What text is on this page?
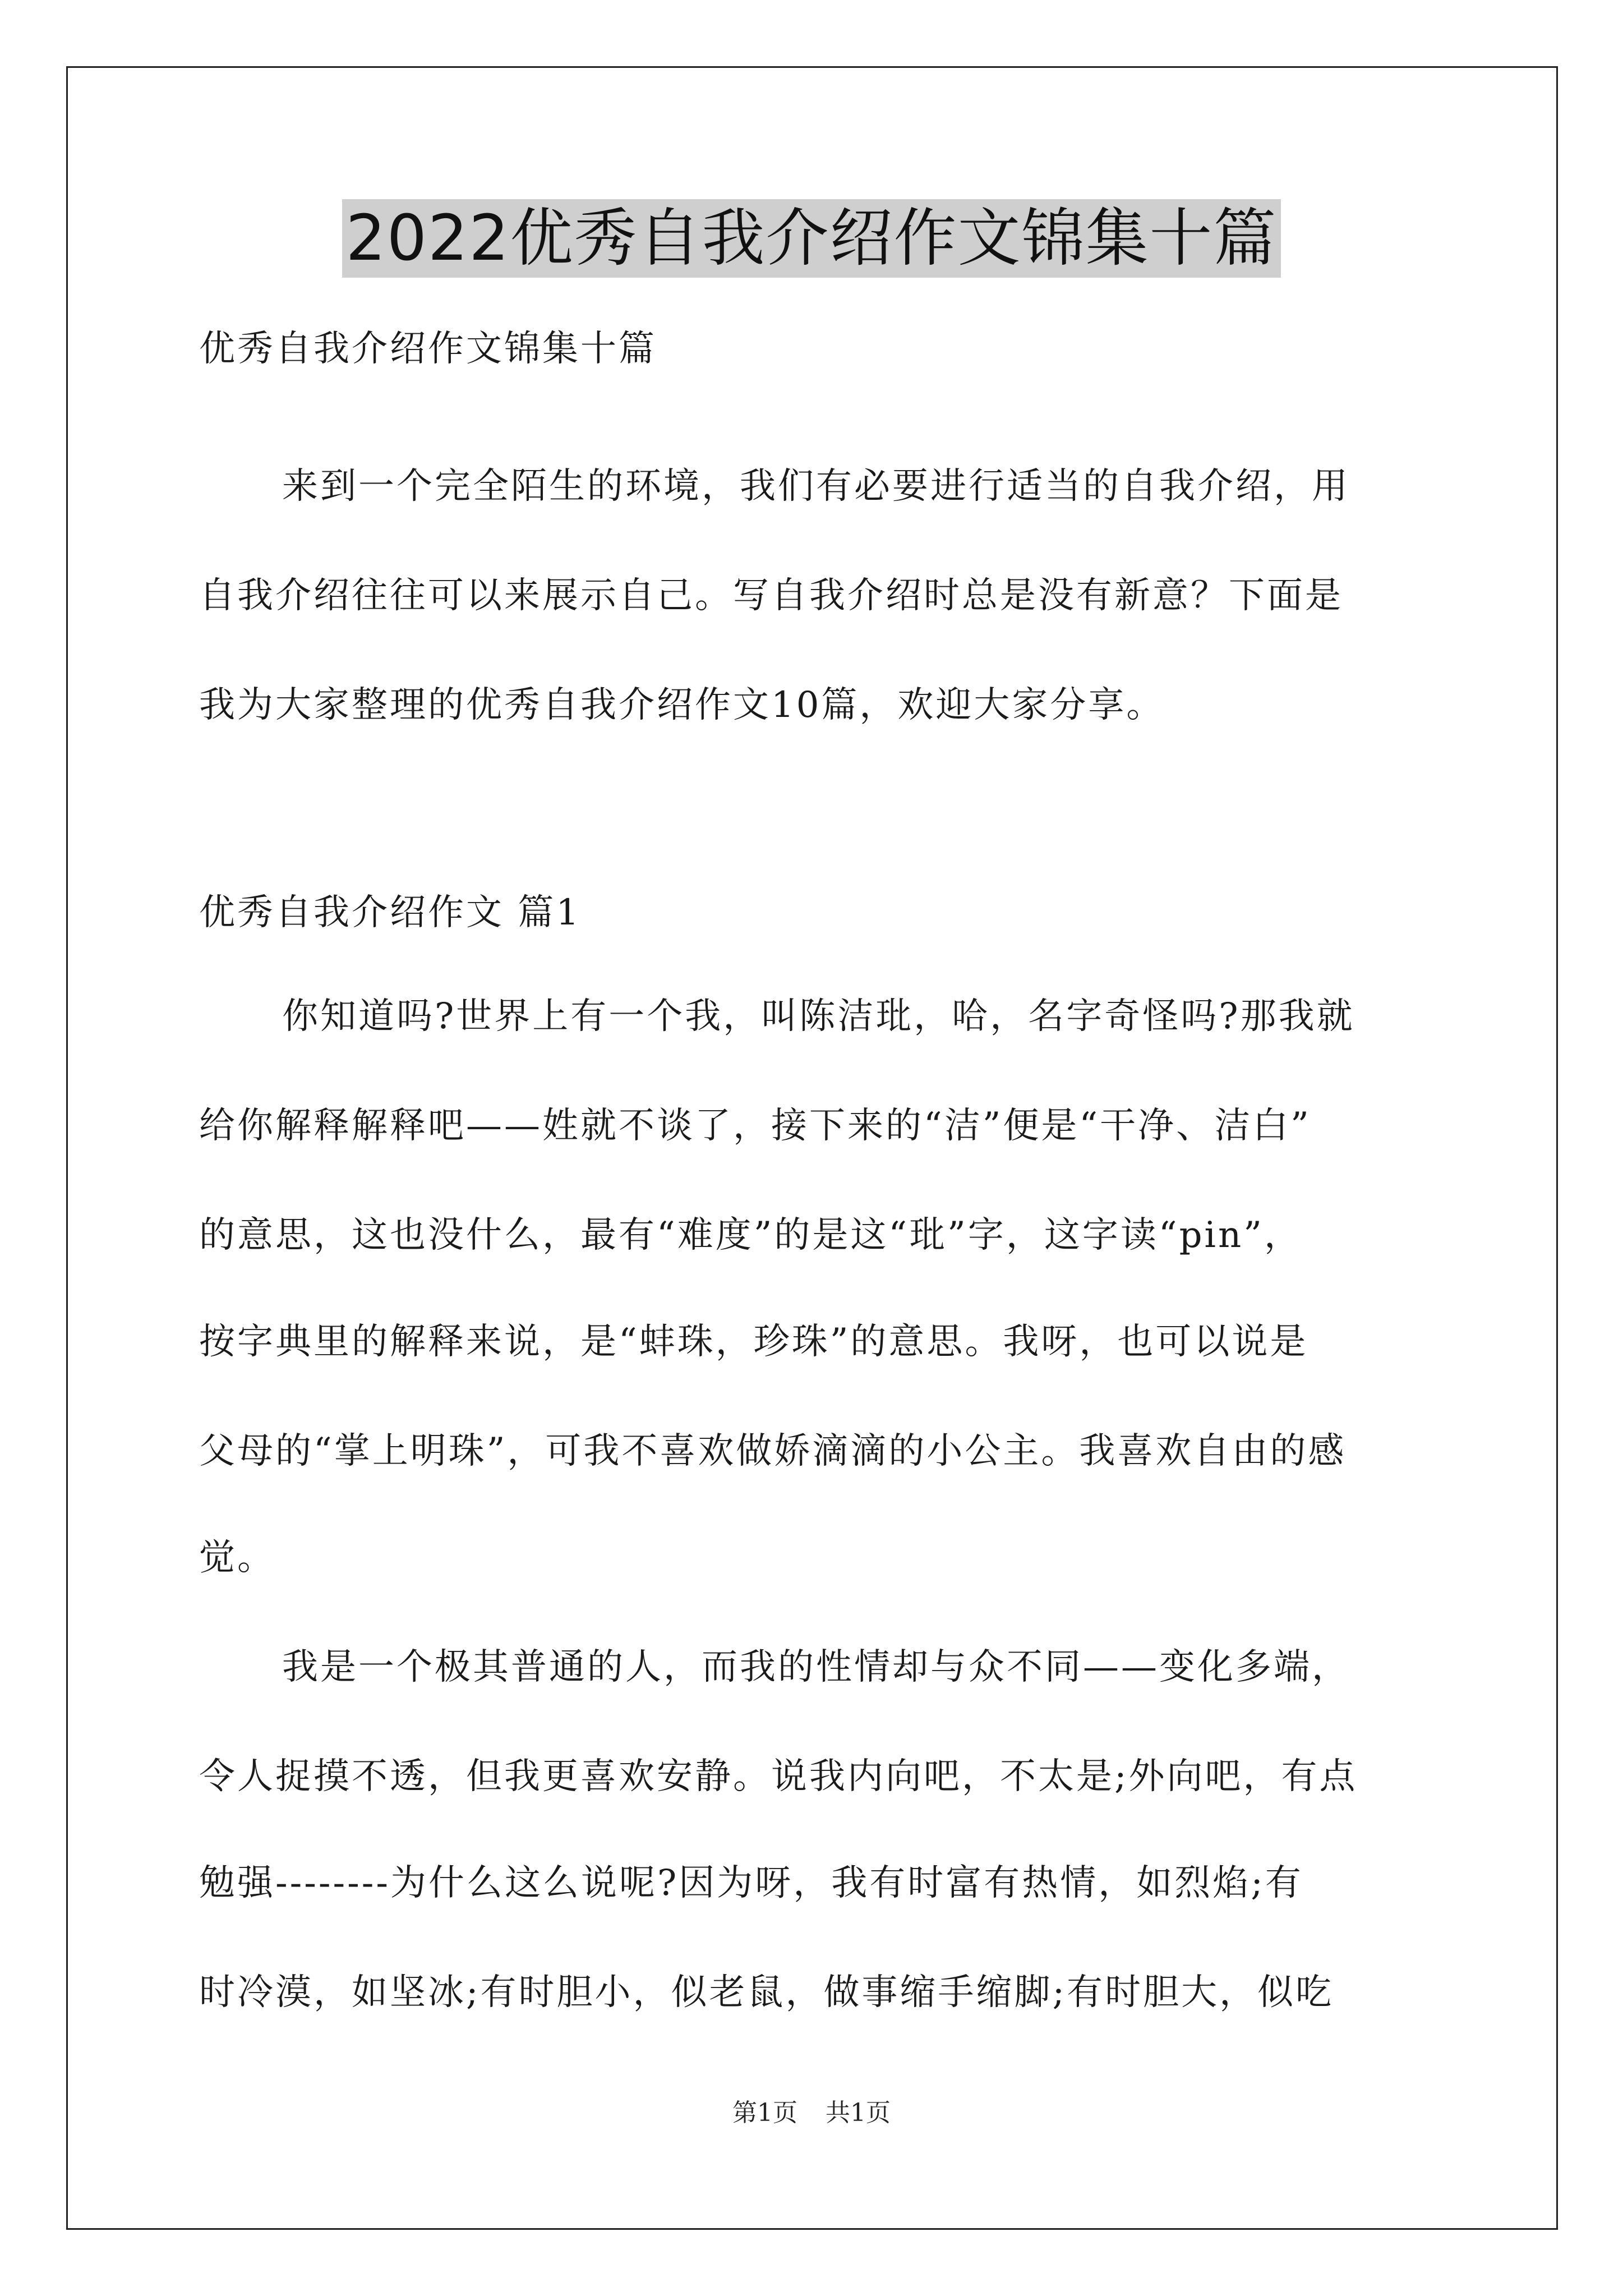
2022优秀自我介绍作文锦集十篇
优秀自我介绍作文锦集十篇
来到一个完全陌生的环境，我们有必要进行适当的自我介绍，用
自我介绍往往可以来展示自己。写自我介绍时总是没有新意？下面是
我为大家整理的优秀自我介绍作文10篇，欢迎大家分享。
优秀自我介绍作文 篇1
你知道吗?世界上有一个我，叫陈洁玭，哈，名字奇怪吗?那我就
给你解释解释吧——姓就不谈了，接下来的“洁”便是“干净、洁白”
的意思，这也没什么，最有“难度”的是这“玭”字，这字读“pin”，
按字典里的解释来说，是“蚌珠，珍珠”的意思。我呀，也可以说是
父母的“掌上明珠”，可我不喜欢做娇滴滴的小公主。我喜欢自由的感
觉。
我是一个极其普通的人，而我的性情却与众不同——变化多端，
令人捉摸不透，但我更喜欢安静。说我内向吧，不太是;外向吧，有点
勉强--------为什么这么说呢?因为呀，我有时富有热情，如烈焰;有
时冷漠，如坚冰;有时胆小，似老鼠，做事缩手缩脚;有时胆大，似吃
第1页 共1页
